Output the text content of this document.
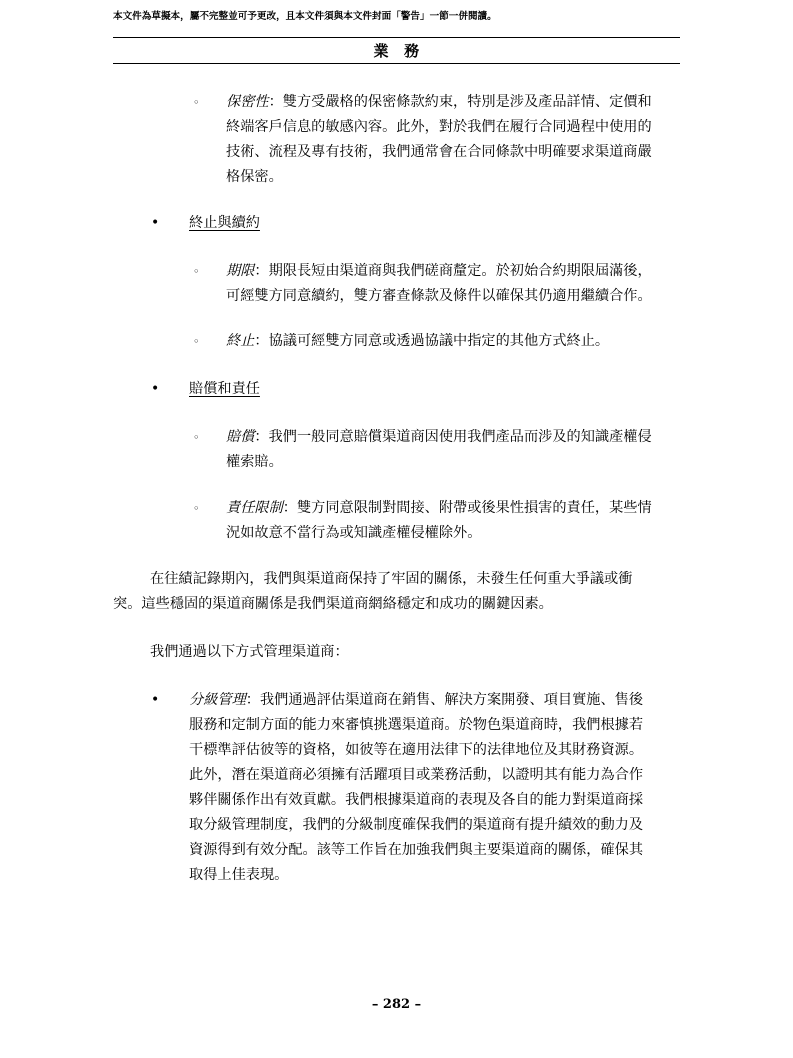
本文件為草擬本，屬不完整並可予更改，且本文件須與本文件封面「警告」一節一併閱讀。
業　務
◦ 保密性：雙方受嚴格的保密條款約束，特別是涉及產品詳情、定價和
終端客戶信息的敏感內容。此外，對於我們在履行合同過程中使用的
技術、流程及專有技術，我們通常會在合同條款中明確要求渠道商嚴
格保密。
• 終止與續約
◦ 期限：期限長短由渠道商與我們磋商釐定。於初始合約期限屆滿後，
可經雙方同意續約，雙方審查條款及條件以確保其仍適用繼續合作。
◦ 終止：協議可經雙方同意或透過協議中指定的其他方式終止。
• 賠償和責任
◦ 賠償：我們一般同意賠償渠道商因使用我們產品而涉及的知識產權侵
權索賠。
◦ 責任限制：雙方同意限制對間接、附帶或後果性損害的責任，某些情
況如故意不當行為或知識產權侵權除外。
在往績記錄期內，我們與渠道商保持了牢固的關係，未發生任何重大爭議或衝
突。這些穩固的渠道商關係是我們渠道商網絡穩定和成功的關鍵因素。
我們通過以下方式管理渠道商：
• 分級管理：我們通過評估渠道商在銷售、解決方案開發、項目實施、售後
服務和定制方面的能力來審慎挑選渠道商。於物色渠道商時，我們根據若
干標準評估彼等的資格，如彼等在適用法律下的法律地位及其財務資源。
此外，潛在渠道商必須擁有活躍項目或業務活動，以證明其有能力為合作
夥伴關係作出有效貢獻。我們根據渠道商的表現及各自的能力對渠道商採
取分級管理制度，我們的分級制度確保我們的渠道商有提升績效的動力及
資源得到有效分配。該等工作旨在加強我們與主要渠道商的關係，確保其
取得上佳表現。
– 282 –
